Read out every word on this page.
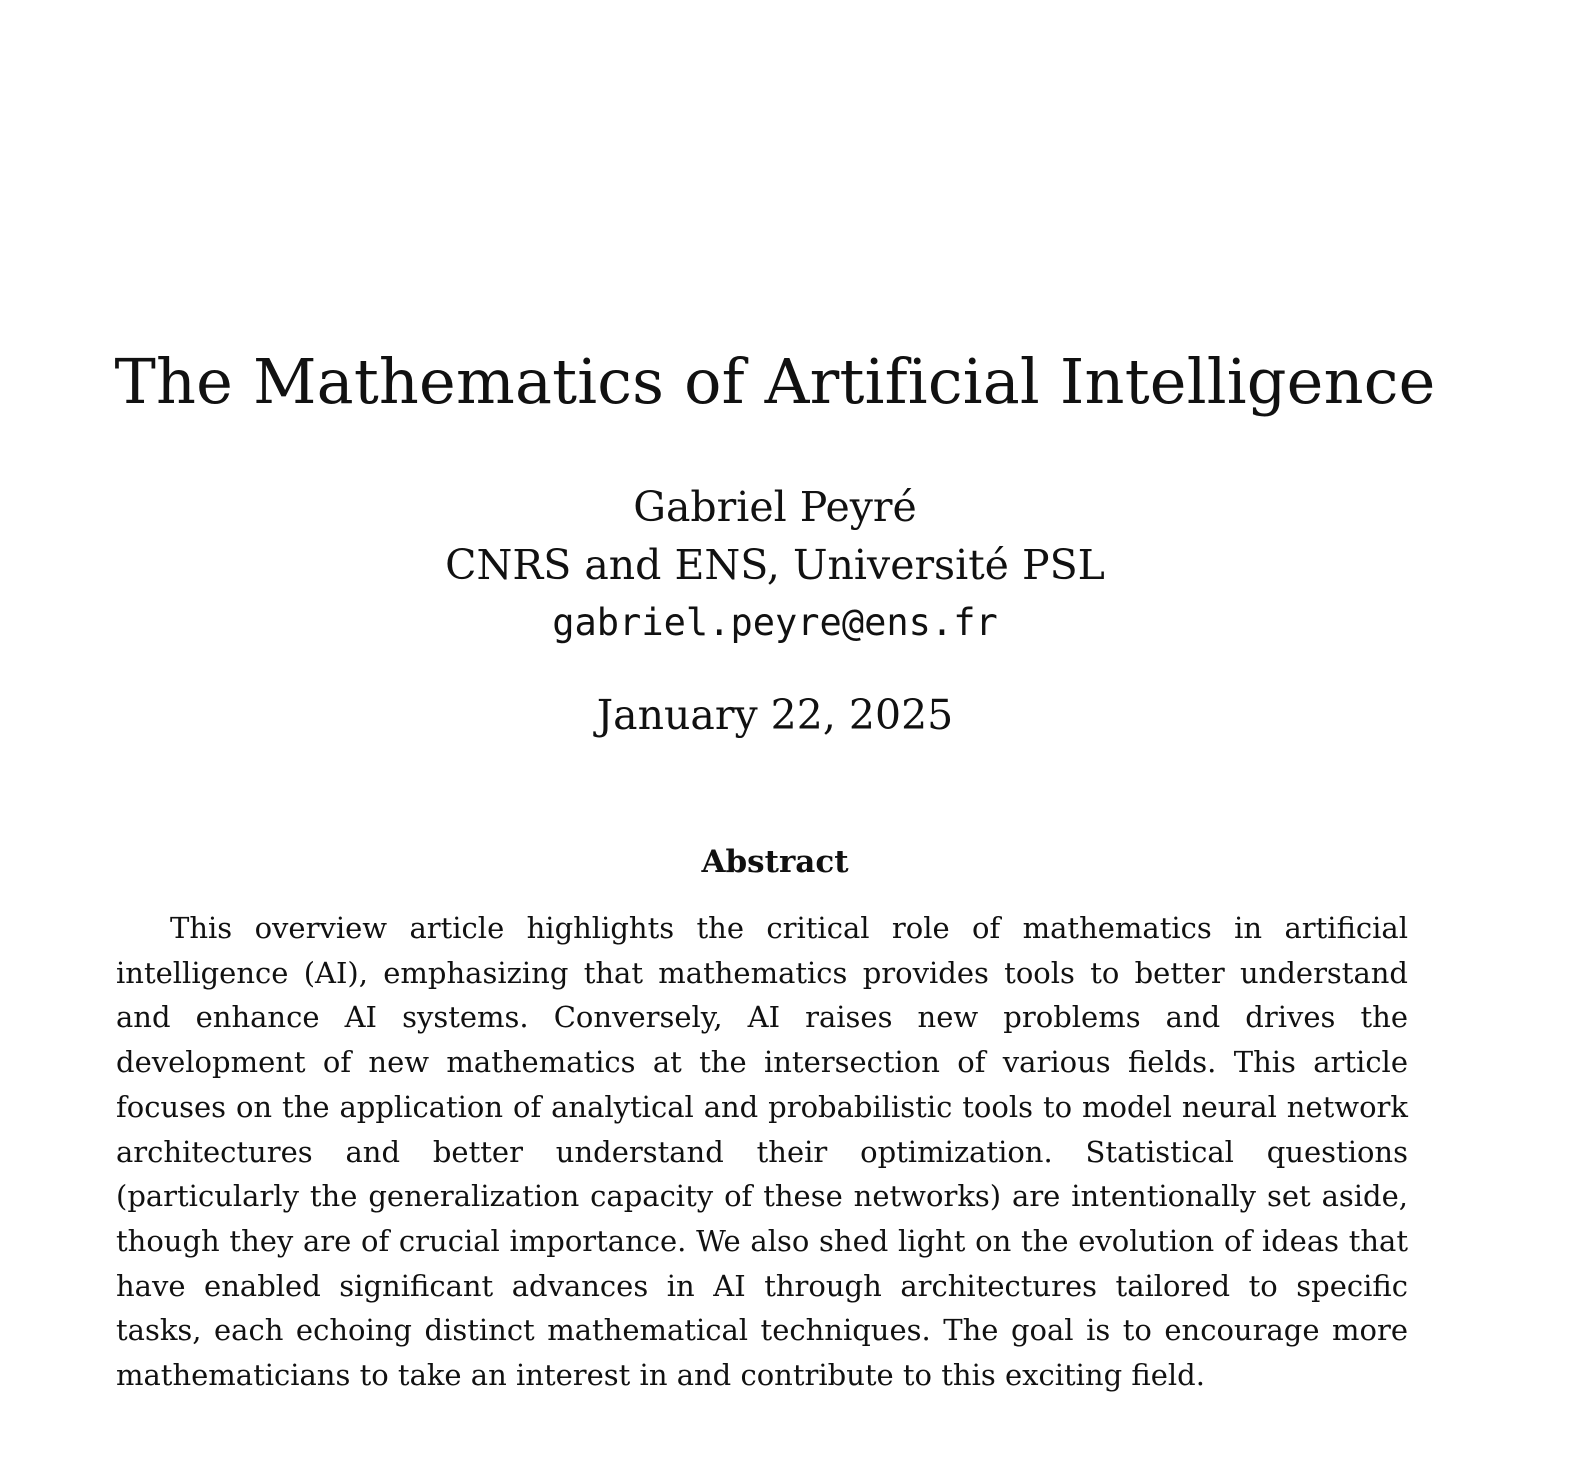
The Mathematics of Artificial Intelligence

Gabriel Peyré

CNRS and ENS, Université PSL

gabriel.peyre@ens.fr

January 22, 2025

Abstract

This overview article highlights the critical role of mathematics in artificial intelligence (AI), emphasizing that mathematics provides tools to better understand and enhance AI systems. Conversely, AI raises new problems and drives the development of new mathematics at the intersection of various fields. This article focuses on the application of analytical and probabilistic tools to model neural network architectures and better understand their optimization. Statistical questions (particularly the generalization capacity of these networks) are intentionally set aside, though they are of crucial importance. We also shed light on the evolution of ideas that have enabled significant advances in AI through architectures tailored to specific tasks, each echoing distinct mathematical techniques. The goal is to encourage more mathematicians to take an interest in and contribute to this exciting field.
